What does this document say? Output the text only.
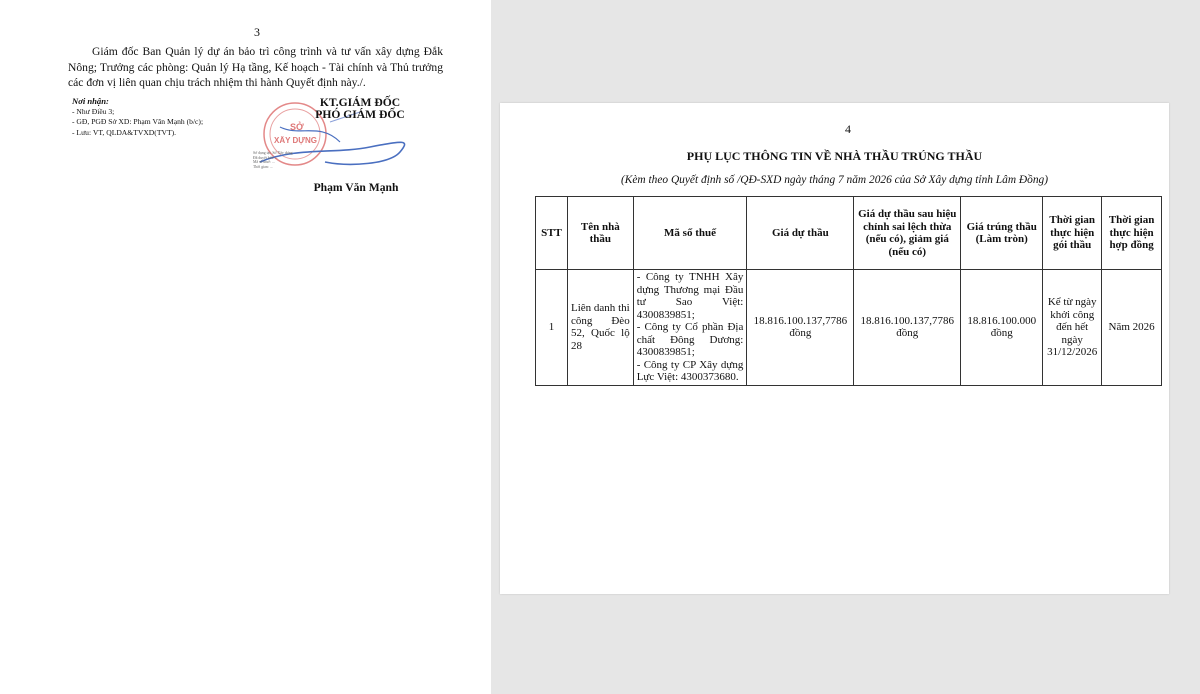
3
Giám đốc Ban Quản lý dự án bảo trì công trình và tư vấn xây dựng Đắk Nông; Trưởng các phòng: Quản lý Hạ tầng, Kế hoạch - Tài chính và Thủ trưởng các đơn vị liên quan chịu trách nhiệm thi hành Quyết định này./.
Nơi nhận:
- Như Điều 3;
- GĐ, PGĐ Sở XD: Phạm Văn Mạnh (b/c);
- Lưu: VT, QLDA&TVXD(TVT).	SỞ
XÂY DỰNG
Sở dụng tại: Sở Xây dựng
Đã duyệt bởi: ...
Mã số thuế: ...
Thời gian: ...
KT.GIÁM ĐỐC
PHÓ GIÁM ĐỐC
Phạm Văn Mạnh
4
PHỤ LỤC THÔNG TIN VỀ NHÀ THẦU TRÚNG THẦU
(Kèm theo Quyết định số /QĐ-SXD ngày tháng 7 năm 2026 của Sở Xây dựng tỉnh Lâm Đồng)
STT	Tên nhà thầu	Mã số thuế	Giá dự thầu	Giá dự thầu sau hiệu chỉnh sai lệch thừa (nếu có), giảm giá (nếu có)	Giá trúng thầu (Làm tròn)	Thời gian thực hiện gói thầu	Thời gian thực hiện hợp đồng
1	Liên danh thi công Đèo 52, Quốc lộ 28	- Công ty TNHH Xây dựng Thương mại Đầu tư Sao Việt: 4300839851;
- Công ty Cổ phần Địa chất Đông Dương: 4300839851;
- Công ty CP Xây dựng Lực Việt: 4300373680.	18.816.100.137,7786 đồng	18.816.100.137,7786 đồng	18.816.100.000 đồng	Kể từ ngày khởi công đến hết ngày 31/12/2026	Năm 2026
